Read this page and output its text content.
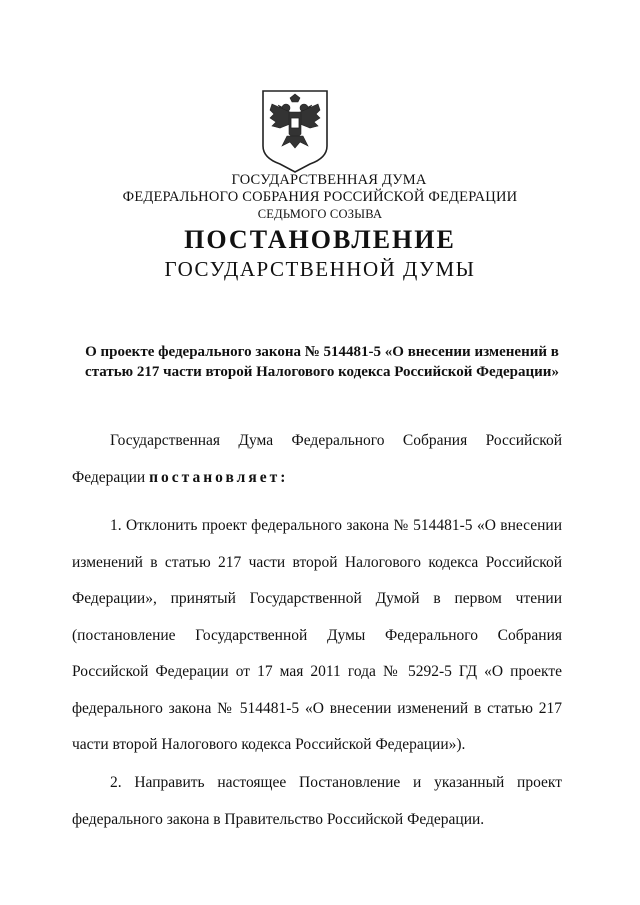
ГОСУДАРСТВЕННАЯ ДУМА
ФЕДЕРАЛЬНОГО СОБРАНИЯ РОССИЙСКОЙ ФЕДЕРАЦИИ
СЕДЬМОГО СОЗЫВА
ПОСТАНОВЛЕНИЕ
ГОСУДАРСТВЕННОЙ ДУМЫ
О проекте федерального закона № 514481-5 «О внесении изменений в статью 217 части второй Налогового кодекса Российской Федерации»
Государственная Дума Федерального Собрания Российской Федерации постановляет:
1. Отклонить проект федерального закона № 514481-5 «О внесении изменений в статью 217 части второй Налогового кодекса Российской Федерации», принятый Государственной Думой в первом чтении (постановление Государственной Думы Федерального Собрания Российской Федерации от 17 мая 2011 года № 5292-5 ГД «О проекте федерального закона № 514481-5 «О внесении изменений в статью 217 части второй Налогового кодекса Российской Федерации»).
2. Направить настоящее Постановление и указанный проект федерального закона в Правительство Российской Федерации.
